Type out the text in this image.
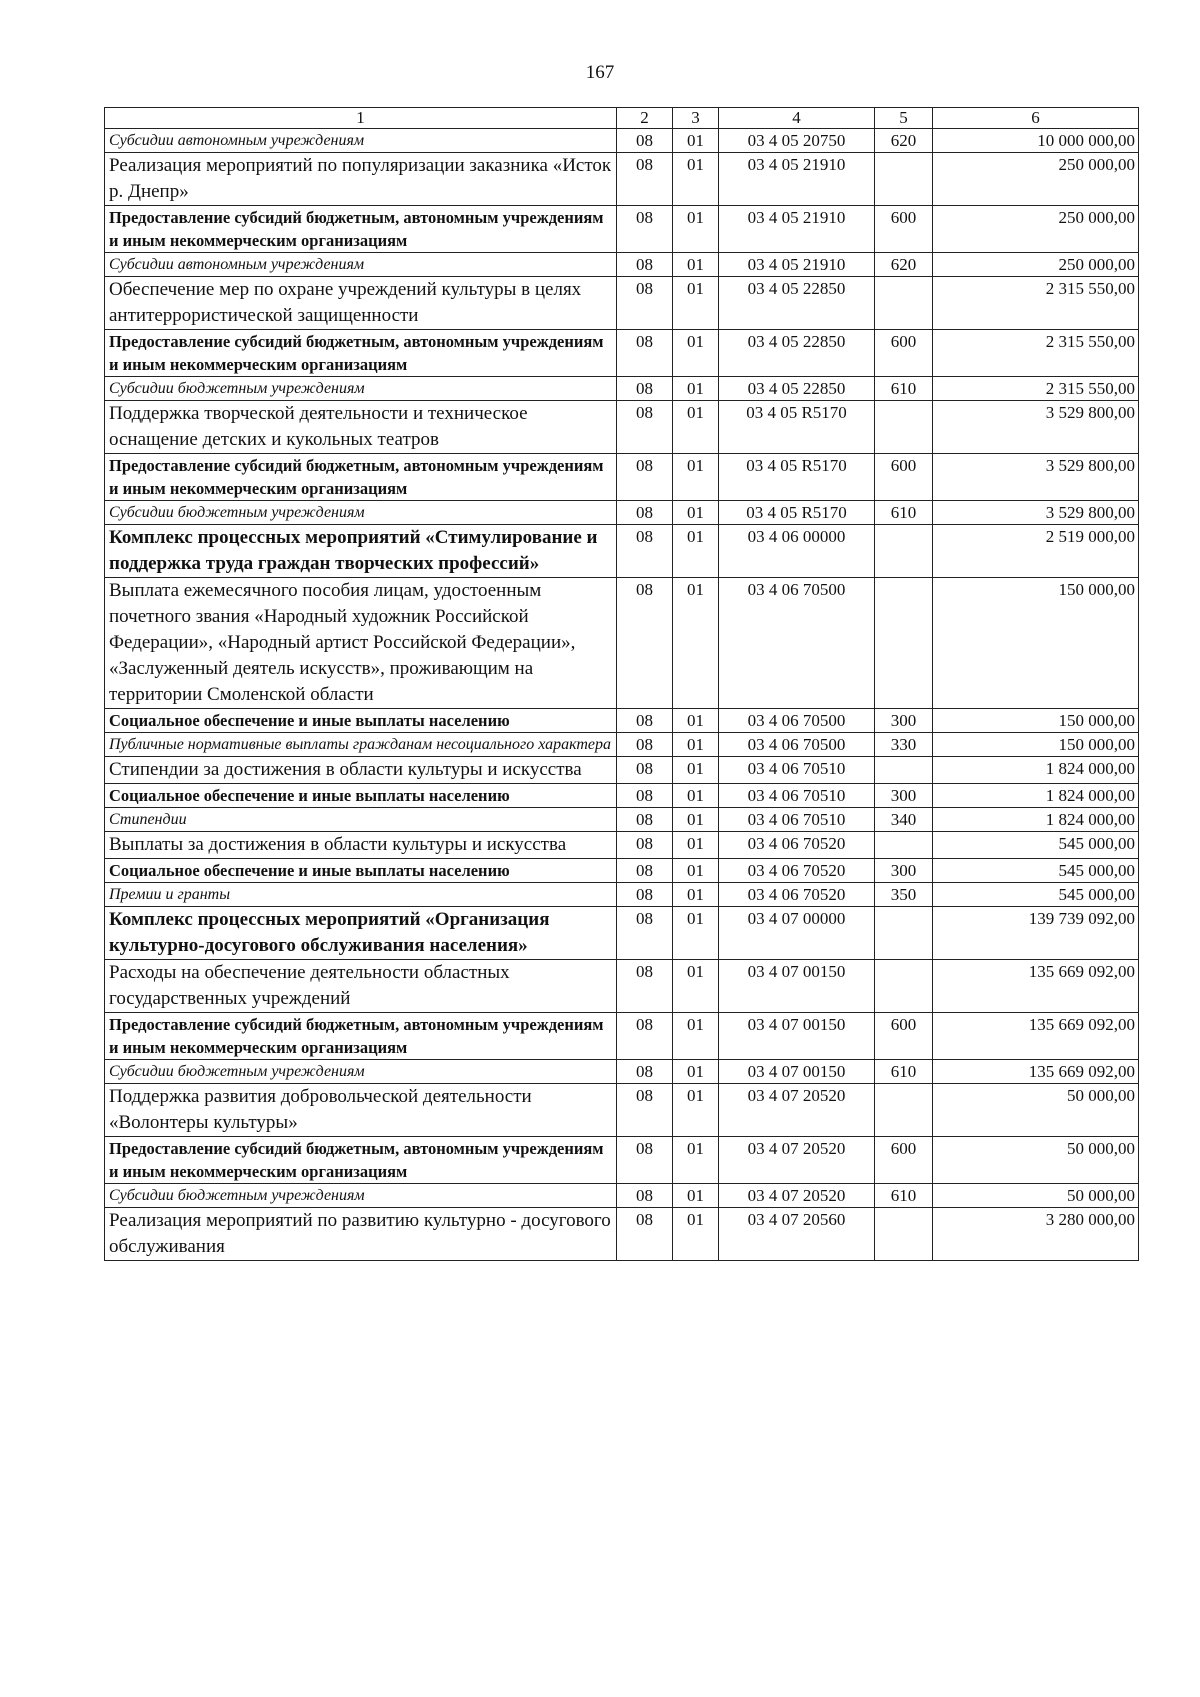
167
1	2	3	4	5	6
Субсидии автономным учреждениям	08	01	03 4 05 20750	620	10 000 000,00
Реализация мероприятий по популяризации заказника «Исток р. Днепр»	08	01	03 4 05 21910		250 000,00
Предоставление субсидий бюджетным, автономным учреждениям и иным некоммерческим организациям	08	01	03 4 05 21910	600	250 000,00
Субсидии автономным учреждениям	08	01	03 4 05 21910	620	250 000,00
Обеспечение мер по охране учреждений культуры в целях антитеррористической защищенности	08	01	03 4 05 22850		2 315 550,00
Предоставление субсидий бюджетным, автономным учреждениям и иным некоммерческим организациям	08	01	03 4 05 22850	600	2 315 550,00
Субсидии бюджетным учреждениям	08	01	03 4 05 22850	610	2 315 550,00
Поддержка творческой деятельности и техническое оснащение детских и кукольных театров	08	01	03 4 05 R5170		3 529 800,00
Предоставление субсидий бюджетным, автономным учреждениям и иным некоммерческим организациям	08	01	03 4 05 R5170	600	3 529 800,00
Субсидии бюджетным учреждениям	08	01	03 4 05 R5170	610	3 529 800,00
Комплекс процессных мероприятий «Стимулирование и поддержка труда граждан творческих профессий»	08	01	03 4 06 00000		2 519 000,00
Выплата ежемесячного пособия лицам, удостоенным почетного звания «Народный художник Российской Федерации», «Народный артист Российской Федерации», «Заслуженный деятель искусств», проживающим на территории Смоленской области	08	01	03 4 06 70500		150 000,00
Социальное обеспечение и иные выплаты населению	08	01	03 4 06 70500	300	150 000,00
Публичные нормативные выплаты гражданам несоциального характера	08	01	03 4 06 70500	330	150 000,00
Стипендии за достижения в области культуры и искусства	08	01	03 4 06 70510		1 824 000,00
Социальное обеспечение и иные выплаты населению	08	01	03 4 06 70510	300	1 824 000,00
Стипендии	08	01	03 4 06 70510	340	1 824 000,00
Выплаты за достижения в области культуры и искусства	08	01	03 4 06 70520		545 000,00
Социальное обеспечение и иные выплаты населению	08	01	03 4 06 70520	300	545 000,00
Премии и гранты	08	01	03 4 06 70520	350	545 000,00
Комплекс процессных мероприятий «Организация культурно-досугового обслуживания населения»	08	01	03 4 07 00000		139 739 092,00
Расходы на обеспечение деятельности областных государственных учреждений	08	01	03 4 07 00150		135 669 092,00
Предоставление субсидий бюджетным, автономным учреждениям и иным некоммерческим организациям	08	01	03 4 07 00150	600	135 669 092,00
Субсидии бюджетным учреждениям	08	01	03 4 07 00150	610	135 669 092,00
Поддержка развития добровольческой деятельности «Волонтеры культуры»	08	01	03 4 07 20520		50 000,00
Предоставление субсидий бюджетным, автономным учреждениям и иным некоммерческим организациям	08	01	03 4 07 20520	600	50 000,00
Субсидии бюджетным учреждениям	08	01	03 4 07 20520	610	50 000,00
Реализация мероприятий по развитию культурно - досугового обслуживания	08	01	03 4 07 20560		3 280 000,00
